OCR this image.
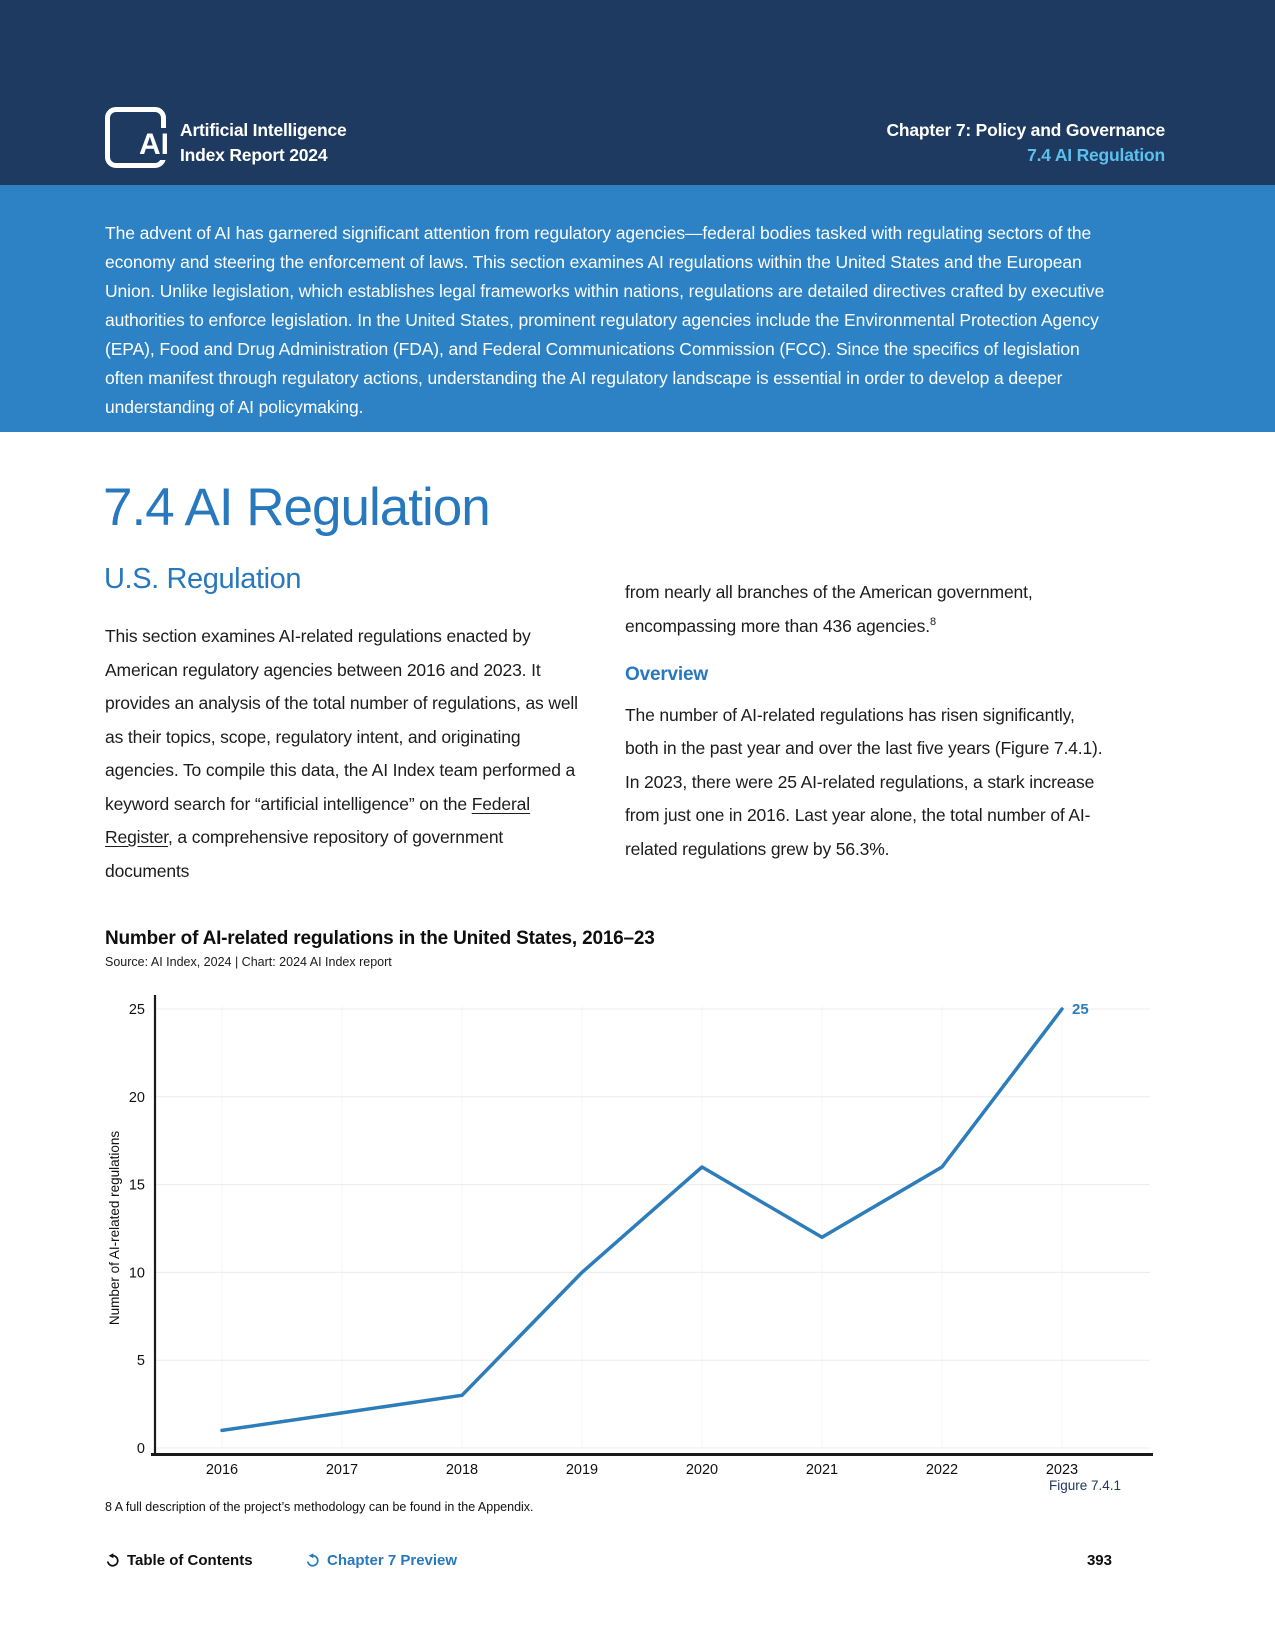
AI Artificial Intelligence
Index Report 2024
Chapter 7: Policy and Governance
7.4 AI Regulation
The advent of AI has garnered significant attention from regulatory agencies—federal bodies tasked with regulating sectors of the economy and steering the enforcement of laws. This section examines AI regulations within the United States and the European Union. Unlike legislation, which establishes legal frameworks within nations, regulations are detailed directives crafted by executive authorities to enforce legislation. In the United States, prominent regulatory agencies include the Environmental Protection Agency (EPA), Food and Drug Administration (FDA), and Federal Communications Commission (FCC). Since the specifics of legislation often manifest through regulatory actions, understanding the AI regulatory landscape is essential in order to develop a deeper understanding of AI policymaking.
7.4 AI Regulation
U.S. Regulation

This section examines AI-related regulations enacted by American regulatory agencies between 2016 and 2023. It provides an analysis of the total number of regulations, as well as their topics, scope, regulatory intent, and originating agencies. To compile this data, the AI Index team performed a keyword search for “artificial intelligence” on the Federal Register, a comprehensive repository of government documents

from nearly all branches of the American government, encompassing more than 436 agencies.$^8$

Overview

The number of AI-related regulations has risen significantly, both in the past year and over the last five years (Figure 7.4.1). In 2023, there were 25 AI-related regulations, a stark increase from just one in 2016. Last year alone, the total number of AI-related regulations grew by 56.3%.

Number of AI-related regulations in the United States, 2016–23
Source: AI Index, 2024 | Chart: 2024 AI Index report
0
5
10
15
20
25
2016	2017	2018	2019	2020	2021	2022	2023
Number of AI-related regulations
25
Figure 7.4.1
8 A full description of the project’s methodology can be found in the Appendix.
Table of Contents	Chapter 7 Preview	393
